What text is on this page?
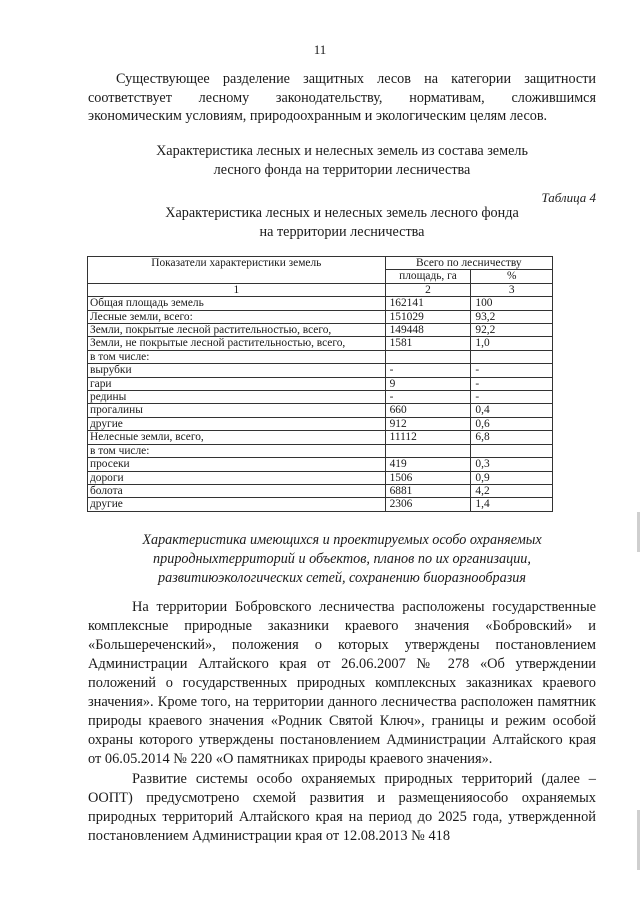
11
Существующее разделение защитных лесов на категории защитности соответствует лесному законодательству, нормативам, сложившимся экономическим условиям, природоохранным и экологическим целям лесов.
Характеристика лесных и нелесных земель из состава земель
лесного фонда на территории лесничества
Таблица 4
Характеристика лесных и нелесных земель лесного фонда
на территории лесничества
Показатели характеристики земель	Всего по лесничеству	
	площадь, га	%
1	2	3
Общая площадь земель	162141	100
Лесные земли, всего:	151029	93,2
Земли, покрытые лесной растительностью, всего,	149448	92,2
Земли, не покрытые лесной растительностью, всего,	1581	1,0
в том числе:		
вырубки	-	-
гари	9	-
редины	-	-
прогалины	660	0,4
другие	912	0,6
Нелесные земли, всего,	11112	6,8
в том числе:		
просеки	419	0,3
дороги	1506	0,9
болота	6881	4,2
другие	2306	1,4
Характеристика имеющихся и проектируемых особо охраняемых
природныхтерриторий и объектов, планов по их организации,
развитиюэкологических сетей, сохранению биоразнообразия
На территории Бобровского лесничества расположены государственные комплексные природные заказники краевого значения «Бобровский» и «Большереченский», положения о которых утверждены постановлением Администрации Алтайского края от 26.06.2007 № 278 «Об утверждении положений о государственных природных комплексных заказниках краевого значения». Кроме того, на территории данного лесничества расположен памятник природы краевого значения «Родник Святой Ключ», границы и режим особой охраны которого утверждены постановлением Администрации Алтайского края от 06.05.2014 № 220 «О памятниках природы краевого значения».
Развитие системы особо охраняемых природных территорий (далее – ООПТ) предусмотрено схемой развития и размещенияособо охраняемых природных территорий Алтайского края на период до 2025 года, утвержденной постановлением Администрации края от 12.08.2013 № 418
